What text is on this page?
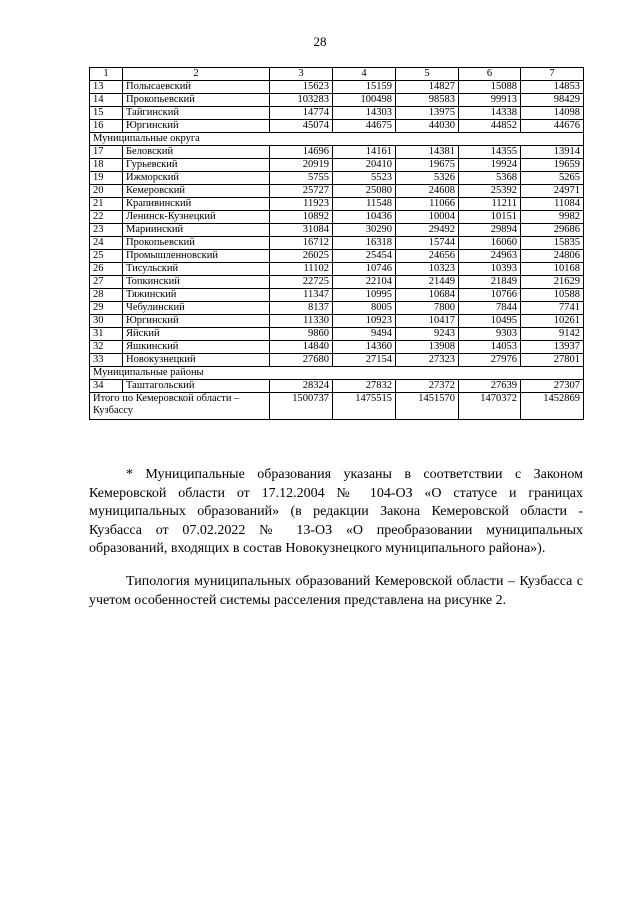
28
1	2	3	4	5	6	7
13	Полысаевский	15623	15159	14827	15088	14853
14	Прокопьевский	103283	100498	98583	99913	98429
15	Тайгинский	14774	14303	13975	14338	14098
16	Юргинский	45074	44675	44030	44852	44676
Муниципальные округа						
17	Беловский	14696	14161	14381	14355	13914
18	Гурьевский	20919	20410	19675	19924	19659
19	Ижморский	5755	5523	5326	5368	5265
20	Кемеровский	25727	25080	24608	25392	24971
21	Крапивинский	11923	11548	11066	11211	11084
22	Ленинск-Кузнецкий	10892	10436	10004	10151	9982
23	Мариинский	31084	30290	29492	29894	29686
24	Прокопьевский	16712	16318	15744	16060	15835
25	Промышленновский	26025	25454	24656	24963	24806
26	Тисульский	11102	10746	10323	10393	10168
27	Топкинский	22725	22104	21449	21849	21629
28	Тяжинский	11347	10995	10684	10766	10588
29	Чебулинский	8137	8005	7800	7844	7741
30	Юргинский	11330	10923	10417	10495	10261
31	Яйский	9860	9494	9243	9303	9142
32	Яшкинский	14840	14360	13908	14053	13937
33	Новокузнецкий	27680	27154	27323	27976	27801
Муниципальные районы						
34	Таштагольский	28324	27832	27372	27639	27307
Итого по Кемеровской области – Кузбассу		1500737	1475515	1451570	1470372	1452869
* Муниципальные образования указаны в соответствии с Законом Кемеровской области от 17.12.2004 № 104-ОЗ «О статусе и границах муниципальных образований» (в редакции Закона Кемеровской области - Кузбасса от 07.02.2022 № 13-ОЗ «О преобразовании муниципальных образований, входящих в состав Новокузнецкого муниципального района»).
Типология муниципальных образований Кемеровской области – Кузбасса с учетом особенностей системы расселения представлена на рисунке 2.
